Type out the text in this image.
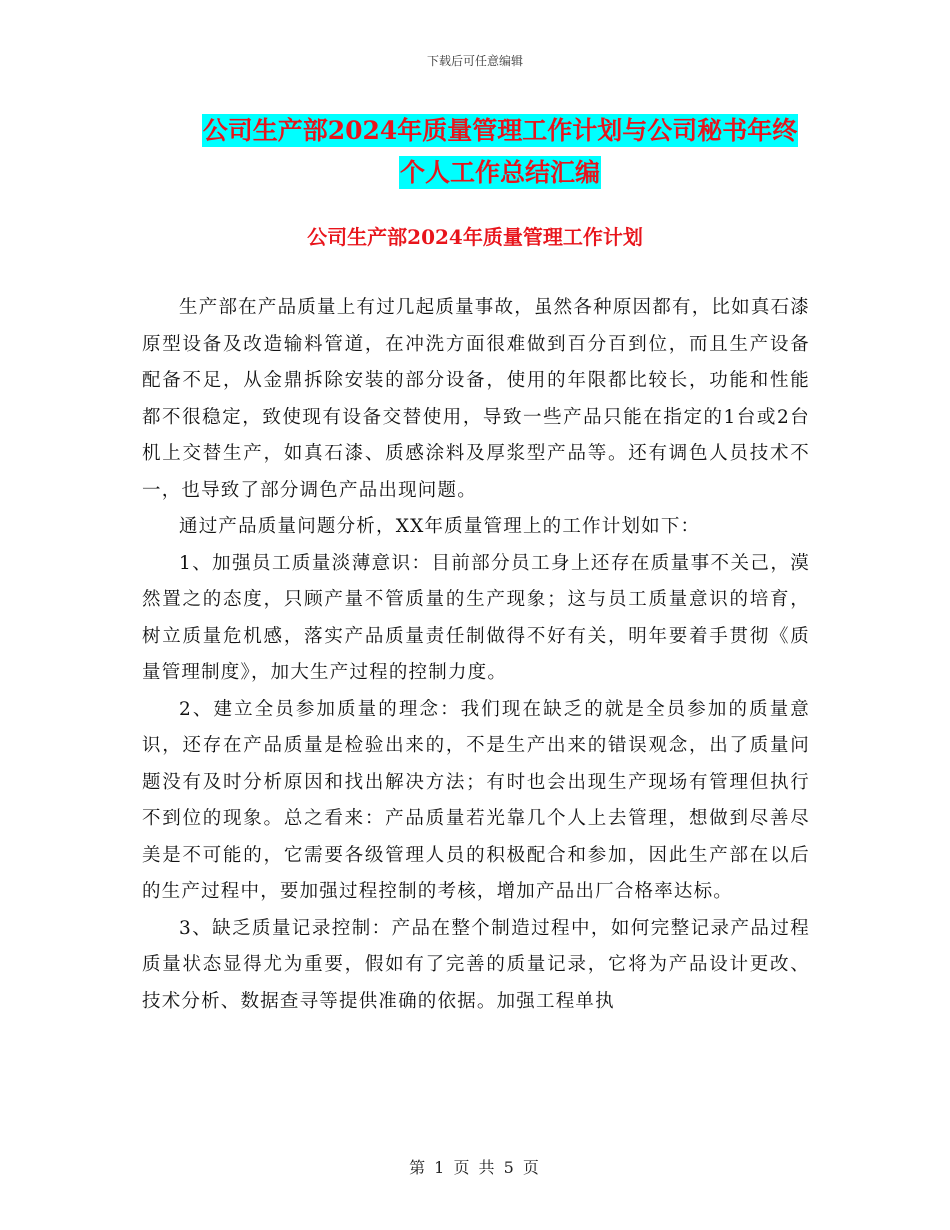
下载后可任意编辑
公司生产部2024年质量管理工作计划与公司秘书年终
个人工作总结汇编
公司生产部2024年质量管理工作计划

生产部在产品质量上有过几起质量事故，虽然各种原因都有，比如真石漆原型设备及改造输料管道，在冲洗方面很难做到百分百到位，而且生产设备配备不足，从金鼎拆除安装的部分设备，使用的年限都比较长，功能和性能都不很稳定，致使现有设备交替使用，导致一些产品只能在指定的1台或2台机上交替生产，如真石漆、质感涂料及厚浆型产品等。还有调色人员技术不一，也导致了部分调色产品出现问题。

通过产品质量问题分析，XX年质量管理上的工作计划如下：

1、加强员工质量淡薄意识：目前部分员工身上还存在质量事不关己，漠然置之的态度，只顾产量不管质量的生产现象；这与员工质量意识的培育，树立质量危机感，落实产品质量责任制做得不好有关，明年要着手贯彻《质量管理制度》，加大生产过程的控制力度。

2、建立全员参加质量的理念：我们现在缺乏的就是全员参加的质量意识，还存在产品质量是检验出来的，不是生产出来的错误观念，出了质量问题没有及时分析原因和找出解决方法；有时也会出现生产现场有管理但执行不到位的现象。总之看来：产品质量若光靠几个人上去管理，想做到尽善尽美是不可能的，它需要各级管理人员的积极配合和参加，因此生产部在以后的生产过程中，要加强过程控制的考核，增加产品出厂合格率达标。

3、缺乏质量记录控制：产品在整个制造过程中，如何完整记录产品过程质量状态显得尤为重要，假如有了完善的质量记录，它将为产品设计更改、技术分析、数据查寻等提供准确的依据。加强工程单执

第 1 页 共 5 页
